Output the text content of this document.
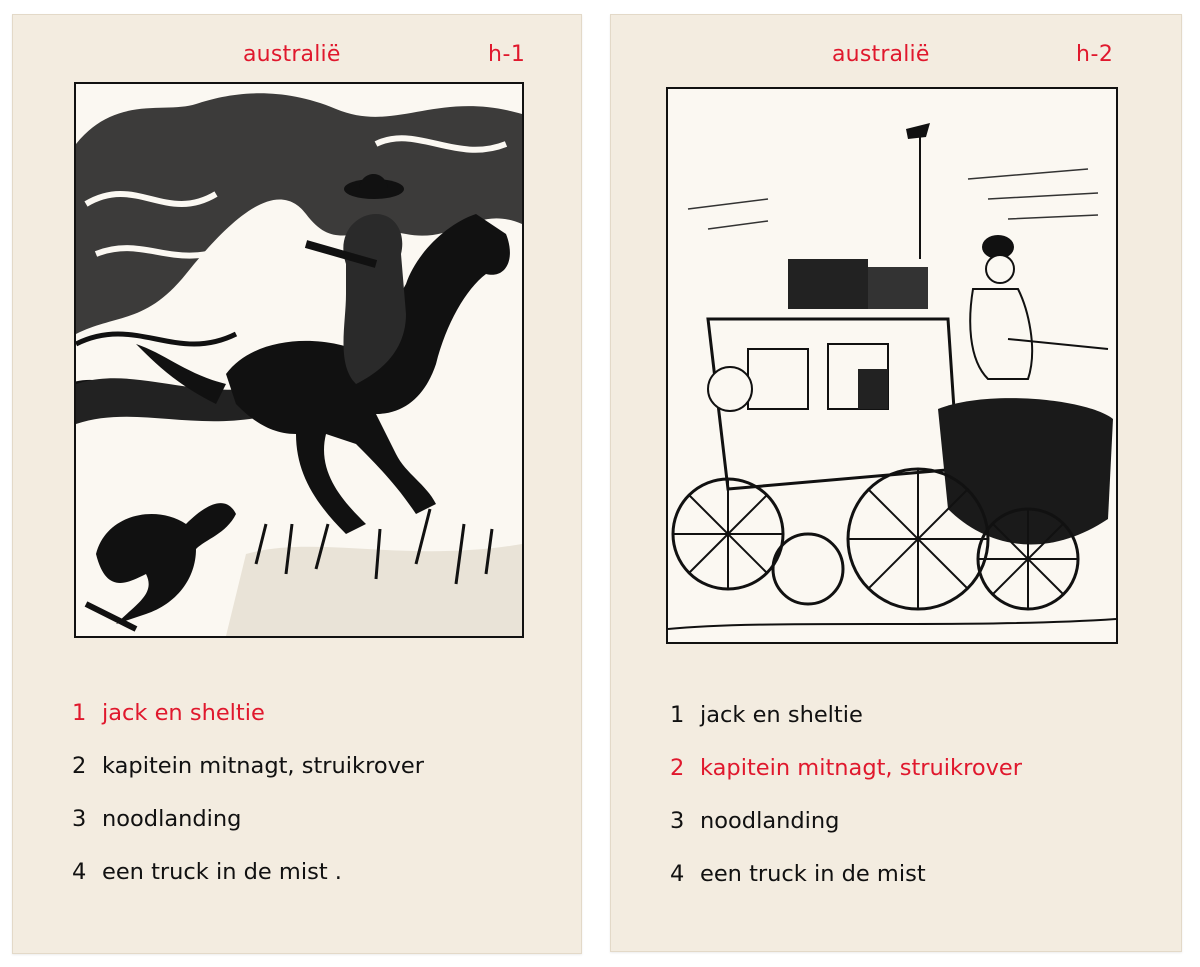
australië	h-1
1 jack en sheltie
2 kapitein mitnagt, struikrover
3 noodlanding
4 een truck in de mist .
australië	h-2
1 jack en sheltie
2 kapitein mitnagt, struikrover
3 noodlanding
4 een truck in de mist
